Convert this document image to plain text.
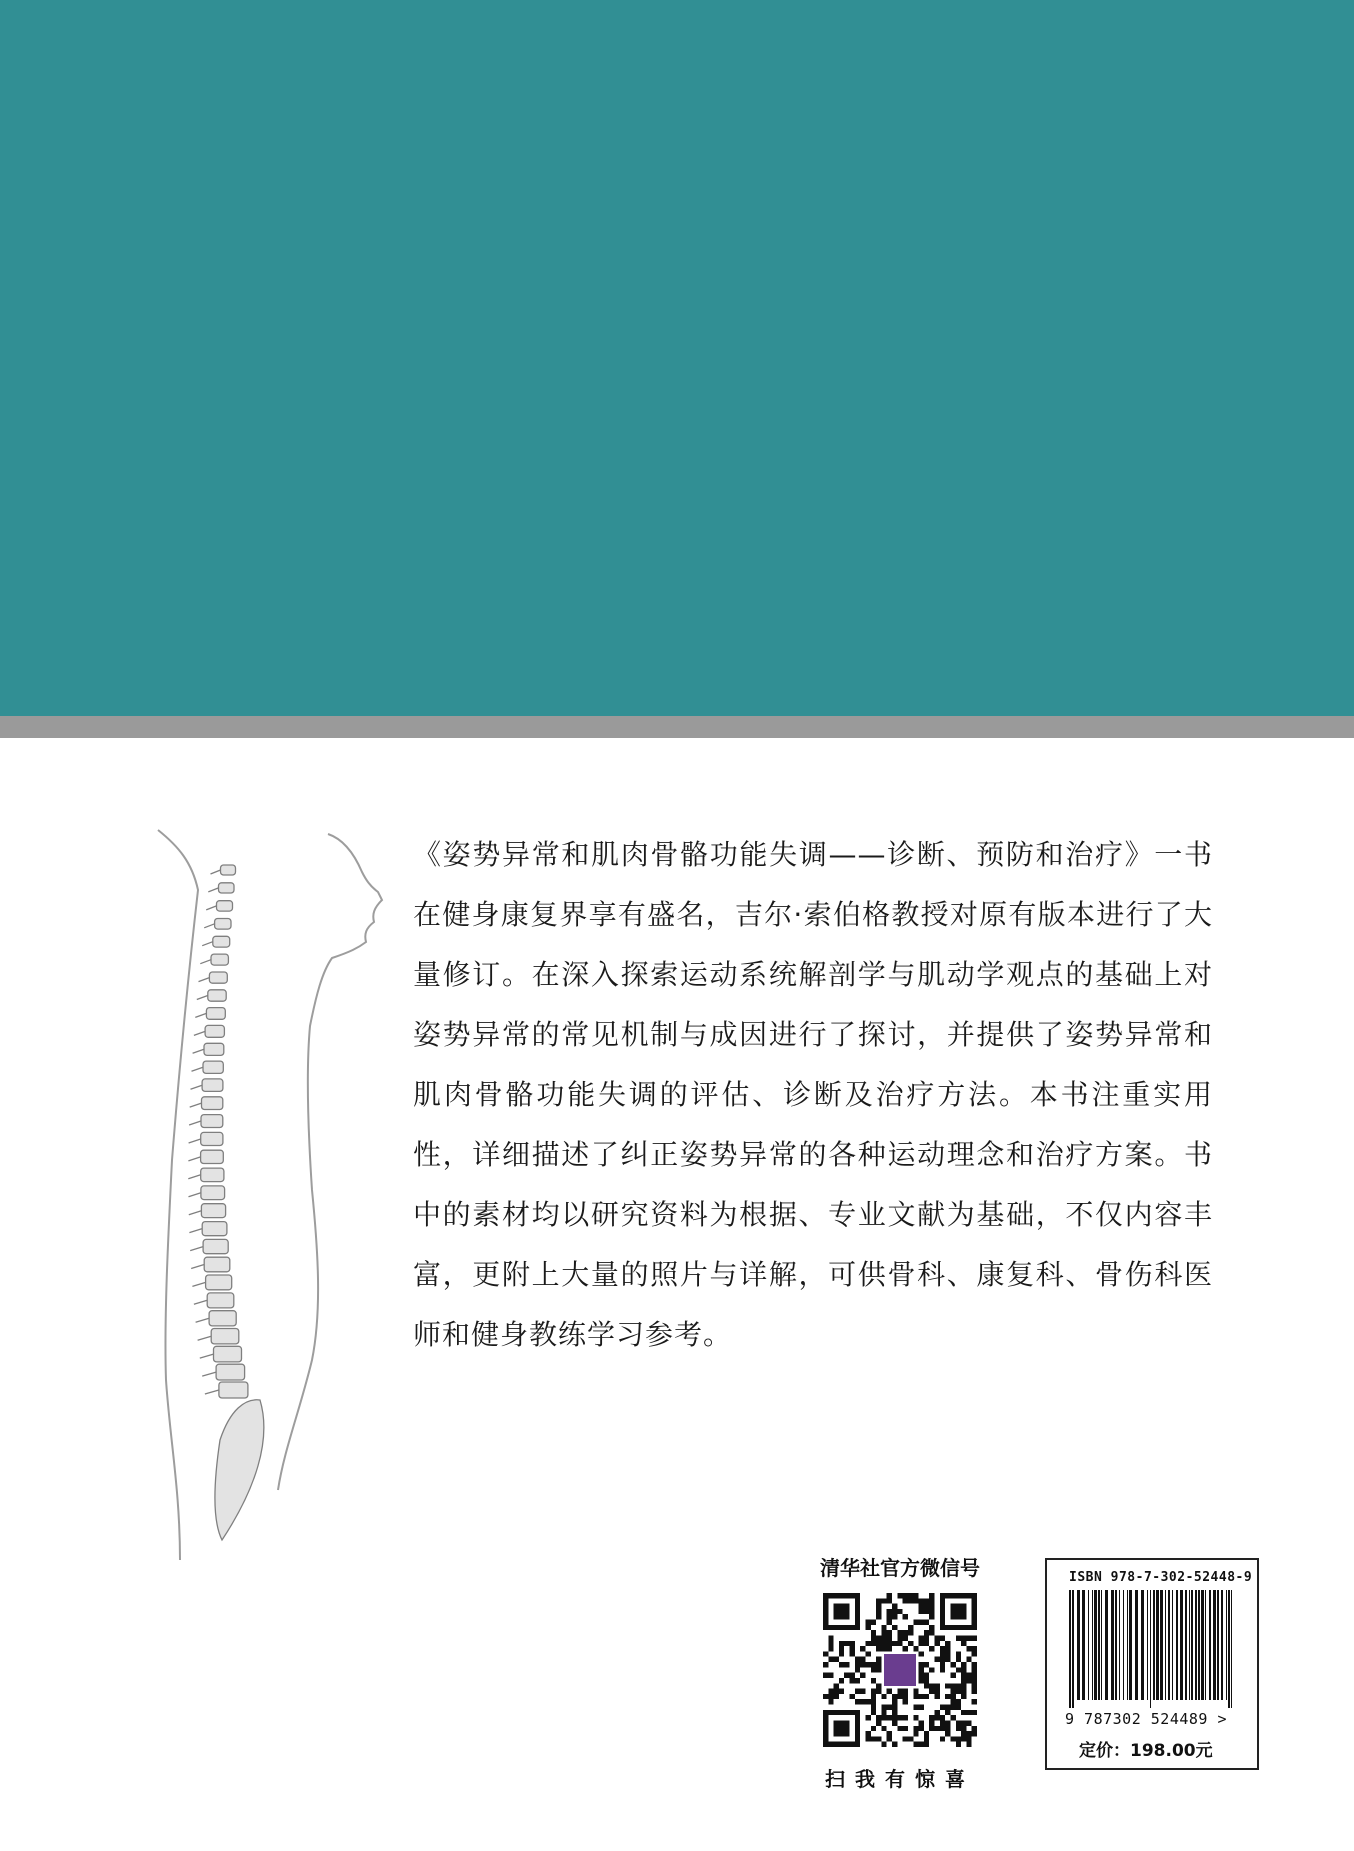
《姿势异常和肌肉骨骼功能失调——诊断、预防和治疗》一书在健身康复界享有盛名，吉尔·索伯格教授对原有版本进行了大量修订。在深入探索运动系统解剖学与肌动学观点的基础上对姿势异常的常见机制与成因进行了探讨，并提供了姿势异常和肌肉骨骼功能失调的评估、诊断及治疗方法。本书注重实用性，详细描述了纠正姿势异常的各种运动理念和治疗方案。书中的素材均以研究资料为根据、专业文献为基础，不仅内容丰富，更附上大量的照片与详解，可供骨科、康复科、骨伤科医师和健身教练学习参考。
清华社官方微信号
扫我有惊喜
ISBN 978-7-302-52448-9
9 787302 524489 >
定价：198.00元
